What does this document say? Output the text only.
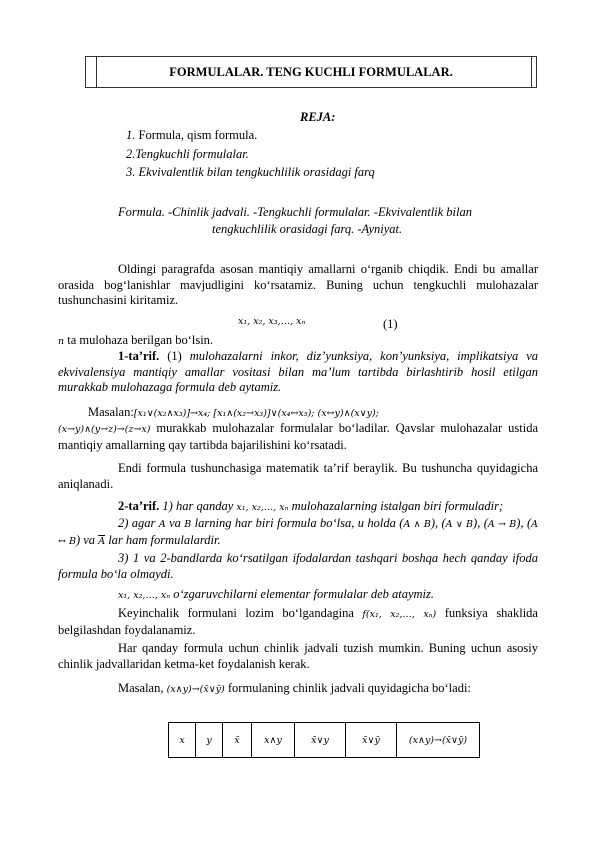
FORMULALAR. TENG KUCHLI FORMULALAR.
REJA:
1. Formula, qism formula.
2.Tengkuchli formulalar.
3. Ekvivalentlik bilan tengkuchlilik orasidagi farq
Formula. -Chinlik jadvali. -Tengkuchli formulalar. -Ekvivalentlik bilan
tengkuchlilik orasidagi farq. -Ayniyat.
Oldingi paragrafda asosan mantiqiy amallarni o‘rganib chiqdik. Endi bu amallar orasida bog‘lanishlar mavjudligini ko‘rsatamiz. Buning uchun tengkuchli mulohazalar tushunchasini kiritamiz.
x₁, x₂, x₃,…, xₙ	(1)
n ta mulohaza berilgan bo‘lsin.
1-ta’rif. (1) mulohazalarni inkor, diz’yunksiya, kon’yunksiya, implikatsiya va ekvivalensiya mantiqiy amallar vositasi bilan ma’lum tartibda birlashtirib hosil etilgan murakkab mulohazaga formula deb aytamiz.
Masalan:[x₁∨(x₂∧x₃)]→x₄; [x₁∧(x₂→x₃)]∨(x₄↔x₅); (x↔y)∧(x∨y);
(x→y)∧(y→z)→(z→x) murakkab mulohazalar formulalar bo‘ladilar. Qavslar mulohazalar ustida mantiqiy amallarning qay tartibda bajarilishini ko‘rsatadi.
Endi formula tushunchasiga matematik ta’rif beraylik. Bu tushuncha quyidagicha aniqlanadi.
2-ta’rif. 1) har qanday x₁, x₂,…, xₙ mulohazalarning istalgan biri formuladir;
2) agar A va B larning har biri formula bo‘lsa, u holda (A ∧ B), (A ∨ B), (A → B), (A ↔ B) va $\overline{A}$ lar ham formulalardir.
3) 1 va 2-bandlarda ko‘rsatilgan ifodalardan tashqari boshqa hech qanday ifoda formula bo‘la olmaydi.
x₁, x₂,…, xₙ o‘zgaruvchilarni elementar formulalar deb ataymiz.
Keyinchalik formulani lozim bo‘lgandagina f(x₁, x₂,…, xₙ) funksiya shaklida belgilashdan foydalanamiz.
Har qanday formula uchun chinlik jadvali tuzish mumkin. Buning uchun asosiy chinlik jadvallaridan ketma-ket foydalanish kerak.
Masalan, (x∧y)→(x̄∨ȳ) formulaning chinlik jadvali quyidagicha bo‘ladi:
x	y	x̄	x∧y	x̄∨y	x̄∨ȳ	(x∧y)→(x̄∨ȳ)
